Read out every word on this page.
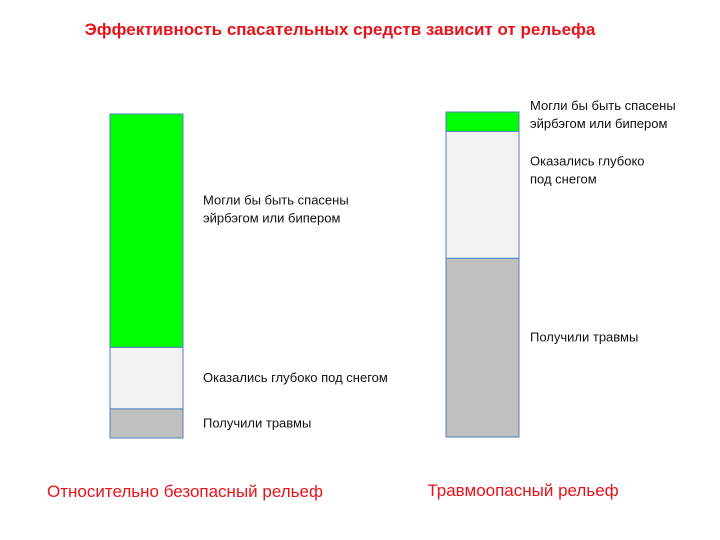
Эффективность спасательных средств зависит от рельефа
Получили травмы
Оказались глубоко под снегом
Могли бы быть спасены эйрбэгом или бипером
Относительно безопасный рельеф
Получили травмы
Оказались глубоко под снегом
Могли бы быть спасены эйрбэгом или бипером
Травмоопасный рельеф
